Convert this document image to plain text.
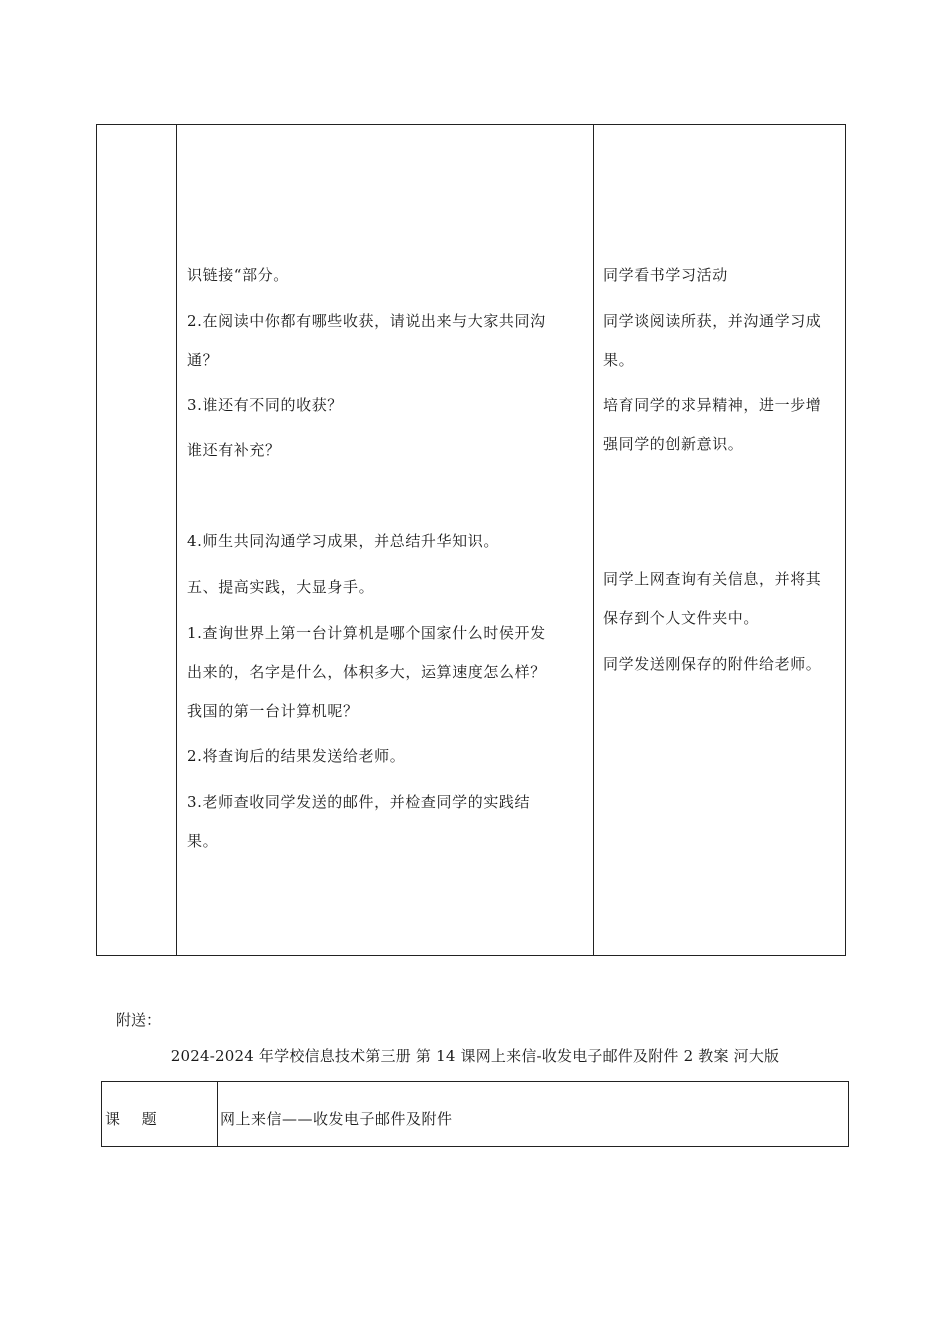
识链接“部分。
2.在阅读中你都有哪些收获，请说出来与大家共同沟
通？
3.谁还有不同的收获？
谁还有补充？
4.师生共同沟通学习成果，并总结升华知识。
五、提高实践，大显身手。
1.查询世界上第一台计算机是哪个国家什么时侯开发
出来的，名字是什么，体积多大，运算速度怎么样？
我国的第一台计算机呢？
2.将查询后的结果发送给老师。
3.老师查收同学发送的邮件，并检查同学的实践结
果。
同学看书学习活动
同学谈阅读所获，并沟通学习成
果。
培育同学的求异精神，进一步增
强同学的创新意识。
同学上网查询有关信息，并将其
保存到个人文件夹中。
同学发送刚保存的附件给老师。
附送：
2024-2024 年学校信息技术第三册 第 14 课网上来信-收发电子邮件及附件 2 教案 河大版
课    题	网上来信——收发电子邮件及附件
